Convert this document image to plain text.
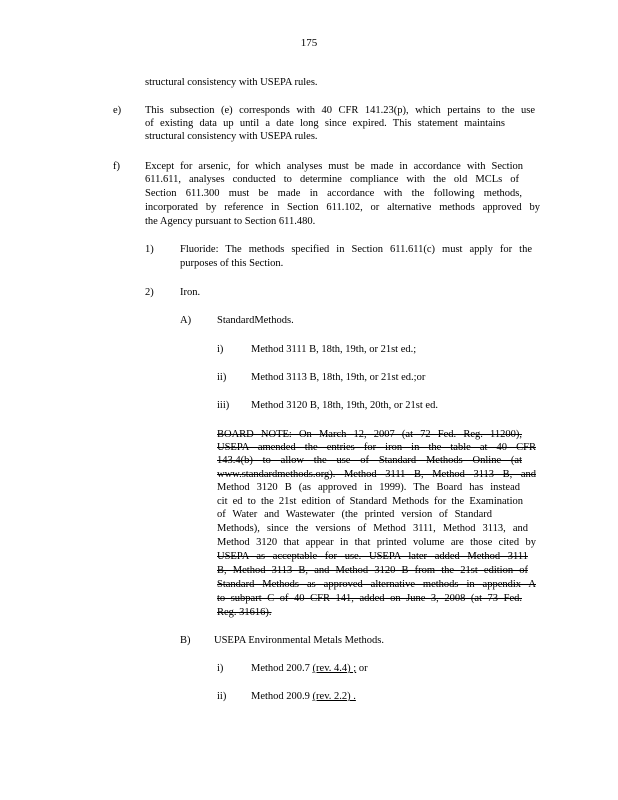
175
structural consistency with USEPA rules.
e) This subsection (e) corresponds with 40 CFR 141.23(p), which pertains to the use
of existing data up until a date long since expired. This statement maintains
structural consistency with USEPA rules.
f) Except for arsenic, for which analyses must be made in accordance with Section
611.611, analyses conducted to determine compliance with the old MCLs of
Section 611.300 must be made in accordance with the following methods,
incorporated by reference in Section 611.102, or alternative methods approved by
the Agency pursuant to Section 611.480.
1)	Fluoride: The methods specified in Section 611.611(c) must apply for the
purposes of this Section.
2)	Iron.
A) StandardMethods.
i)	Method 3111 B, 18th, 19th, or 21st ed.;
ii) Method 3113 B, 18th, 19th, or 21st ed.;or
iii) Method 3120 B, 18th, 19th, 20th, or 21st ed.
BOARD NOTE: On March 12, 2007 (at 72 Fed. Reg. 11200),
USEPA amended the entries for iron in the table at 40 CFR
143.4(b) to allow the use of Standard Methods Online (at
www.standardmethods.org). Method 3111 B, Method 3113 B, and
Method 3120 B (as approved in 1999). The Board has instead
cit ed to the 21st edition of Standard Methods for the Examination
of Water and Wastewater (the printed version of Standard
Methods), since the versions of Method 3111, Method 3113, and
Method 3120 that appear in that printed volume are those cited by
USEPA as acceptable for use. USEPA later added Method 3111
B, Method 3113 B, and Method 3120 B from the 21st edition of
Standard Methods as approved alternative methods in appendix A
to subpart C of 40 CFR 141, added on June 3, 2008 (at 73 Fed.
Reg. 31616).
B) USEPA Environmental Metals Methods.
i)	Method 200.7 (rev. 4.4) ; or
ii) Method 200.9 (rev. 2.2) .
